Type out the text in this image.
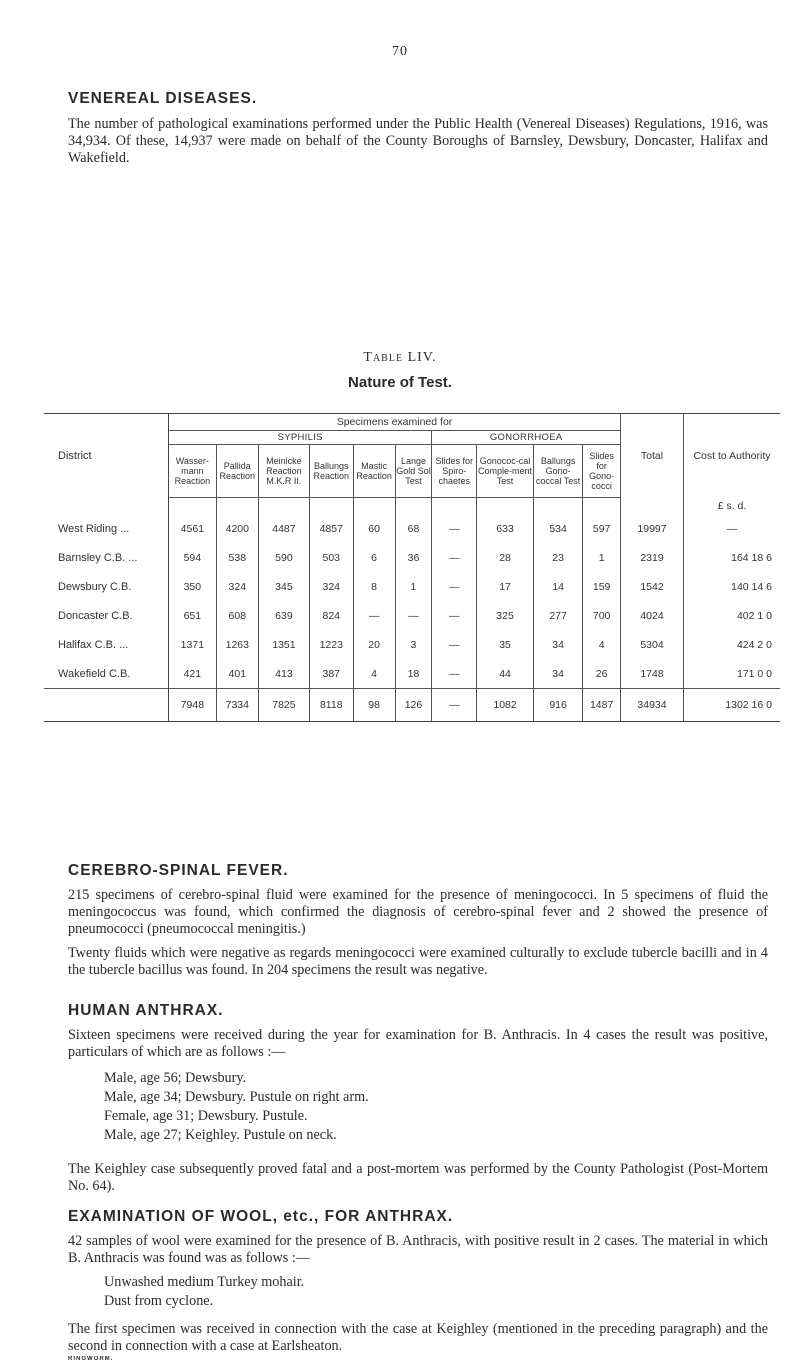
70
VENEREAL DISEASES.

The number of pathological examinations performed under the Public Health (Venereal Diseases) Regulations, 1916, was 34,934. Of these, 14,937 were made on behalf of the County Boroughs of Barnsley, Dewsbury, Doncaster, Halifax and Wakefield.

Table LIV.
Nature of Test.

District	Specimens examined for										Total	Cost to Authority
	SYPHILIS						GONORRHOEA					
	Wasser-mann Reaction	Pallida Reaction	Meinicke Reaction M.K.R II.	Ballungs Reaction	Mastic Reaction	Lange Gold Sol Test	Slides for Spiro-chaetes	Gonococ-cal Comple-ment Test	Ballungs Gono-coccal Test	Slides for Gono-cocci		
												£ s. d.
West Riding ...	4561	4200	4487	4857	60	68	—	633	534	597	19997	—
Barnsley C.B. ...	594	538	590	503	6	36	—	28	23	1	2319	164 18 6
Dewsbury C.B.	350	324	345	324	8	1	—	17	14	159	1542	140 14 6
Doncaster C.B.	651	608	639	824	—	—	—	325	277	700	4024	402 1 0
Halifax C.B. ...	1371	1263	1351	1223	20	3	—	35	34	4	5304	424 2 0
Wakefield C.B.	421	401	413	387	4	18	—	44	34	26	1748	171 0 0
	7948	7334	7825	8118	98	126	—	1082	916	1487	34934	1302 16 0
CEREBRO-SPINAL FEVER.

215 specimens of cerebro-spinal fluid were examined for the presence of meningococci. In 5 specimens of fluid the meningococcus was found, which confirmed the diagnosis of cerebro-spinal fever and 2 showed the presence of pneumococci (pneumococcal meningitis.)

Twenty fluids which were negative as regards meningococci were examined culturally to exclude tubercle bacilli and in 4 the tubercle bacillus was found. In 204 specimens the result was negative.

HUMAN ANTHRAX.

Sixteen specimens were received during the year for examination for B. Anthracis. In 4 cases the result was positive, particulars of which are as follows :—

Male, age 56; Dewsbury.
Male, age 34; Dewsbury. Pustule on right arm.
Female, age 31; Dewsbury. Pustule.
Male, age 27; Keighley. Pustule on neck.

The Keighley case subsequently proved fatal and a post-mortem was performed by the County Pathologist (Post-Mortem No. 64).

EXAMINATION OF WOOL, etc., FOR ANTHRAX.

42 samples of wool were examined for the presence of B. Anthracis, with positive result in 2 cases. The material in which B. Anthracis was found was as follows :—

Unwashed medium Turkey mohair.
Dust from cyclone.

The first specimen was received in connection with the case at Keighley (mentioned in the preceding paragraph) and the second in connection with a case at Earlsheaton.

RINGWORM.
